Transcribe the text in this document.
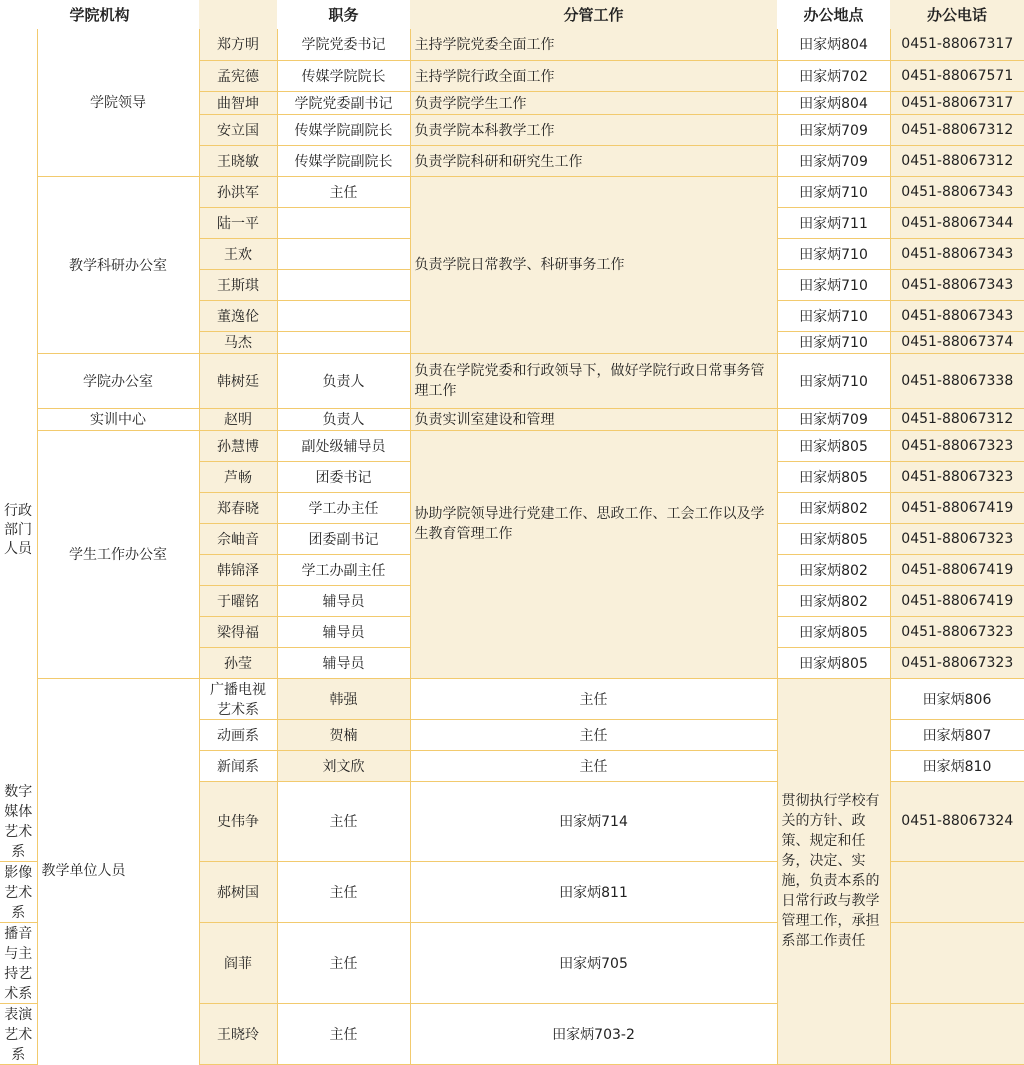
学院机构			职务	分管工作	办公地点	办公电话	
行政部门人员	学院领导	郑方明	学院党委书记	主持学院党委全面工作	田家炳804	0451-88067317	
		孟宪德	传媒学院院长	主持学院行政全面工作	田家炳702	0451-88067571	
		曲智坤	学院党委副书记	负责学院学生工作	田家炳804	0451-88067317	
		安立国	传媒学院副院长	负责学院本科教学工作	田家炳709	0451-88067312	
		王晓敏	传媒学院副院长	负责学院科研和研究生工作	田家炳709	0451-88067312	
	教学科研办公室	孙洪军	主任	负责学院日常教学、科研事务工作	田家炳710	0451-88067343	
		陆一平			田家炳711	0451-88067344	
		王欢			田家炳710	0451-88067343	
		王斯琪			田家炳710	0451-88067343	
		董逸伦			田家炳710	0451-88067343	
		马杰			田家炳710	0451-88067374	
	学院办公室	韩树廷	负责人	负责在学院党委和行政领导下，做好学院行政日常事务管理工作	田家炳710	0451-88067338	
	实训中心	赵明	负责人	负责实训室建设和管理	田家炳709	0451-88067312	
	学生工作办公室	孙慧博	副处级辅导员	协助学院领导进行党建工作、思政工作、工会工作以及学生教育管理工作	田家炳805	0451-88067323	
		芦畅	团委书记		田家炳805	0451-88067323	
		郑春晓	学工办主任		田家炳802	0451-88067419	
		佘岫音	团委副书记		田家炳805	0451-88067323	
		韩锦泽	学工办副主任		田家炳802	0451-88067419	
		于曜铭	辅导员		田家炳802	0451-88067419	
		梁得福	辅导员		田家炳805	0451-88067323	
		孙莹	辅导员		田家炳805	0451-88067323	
	教学单位人员	广播电视艺术系	韩强	主任	贯彻执行学校有关的方针、政策、规定和任务，决定、实施，负责本系的日常行政与教学管理工作，承担系部工作责任	田家炳806	
		动画系	贺楠	主任		田家炳807	
		新闻系	刘文欣	主任		田家炳810	
数字媒体艺术系		史伟争	主任	田家炳714		0451-88067324	
影像艺术系		郝树国	主任	田家炳811			
播音与主持艺术系		阎菲	主任	田家炳705			
表演艺术系		王晓玲	主任	田家炳703-2			
